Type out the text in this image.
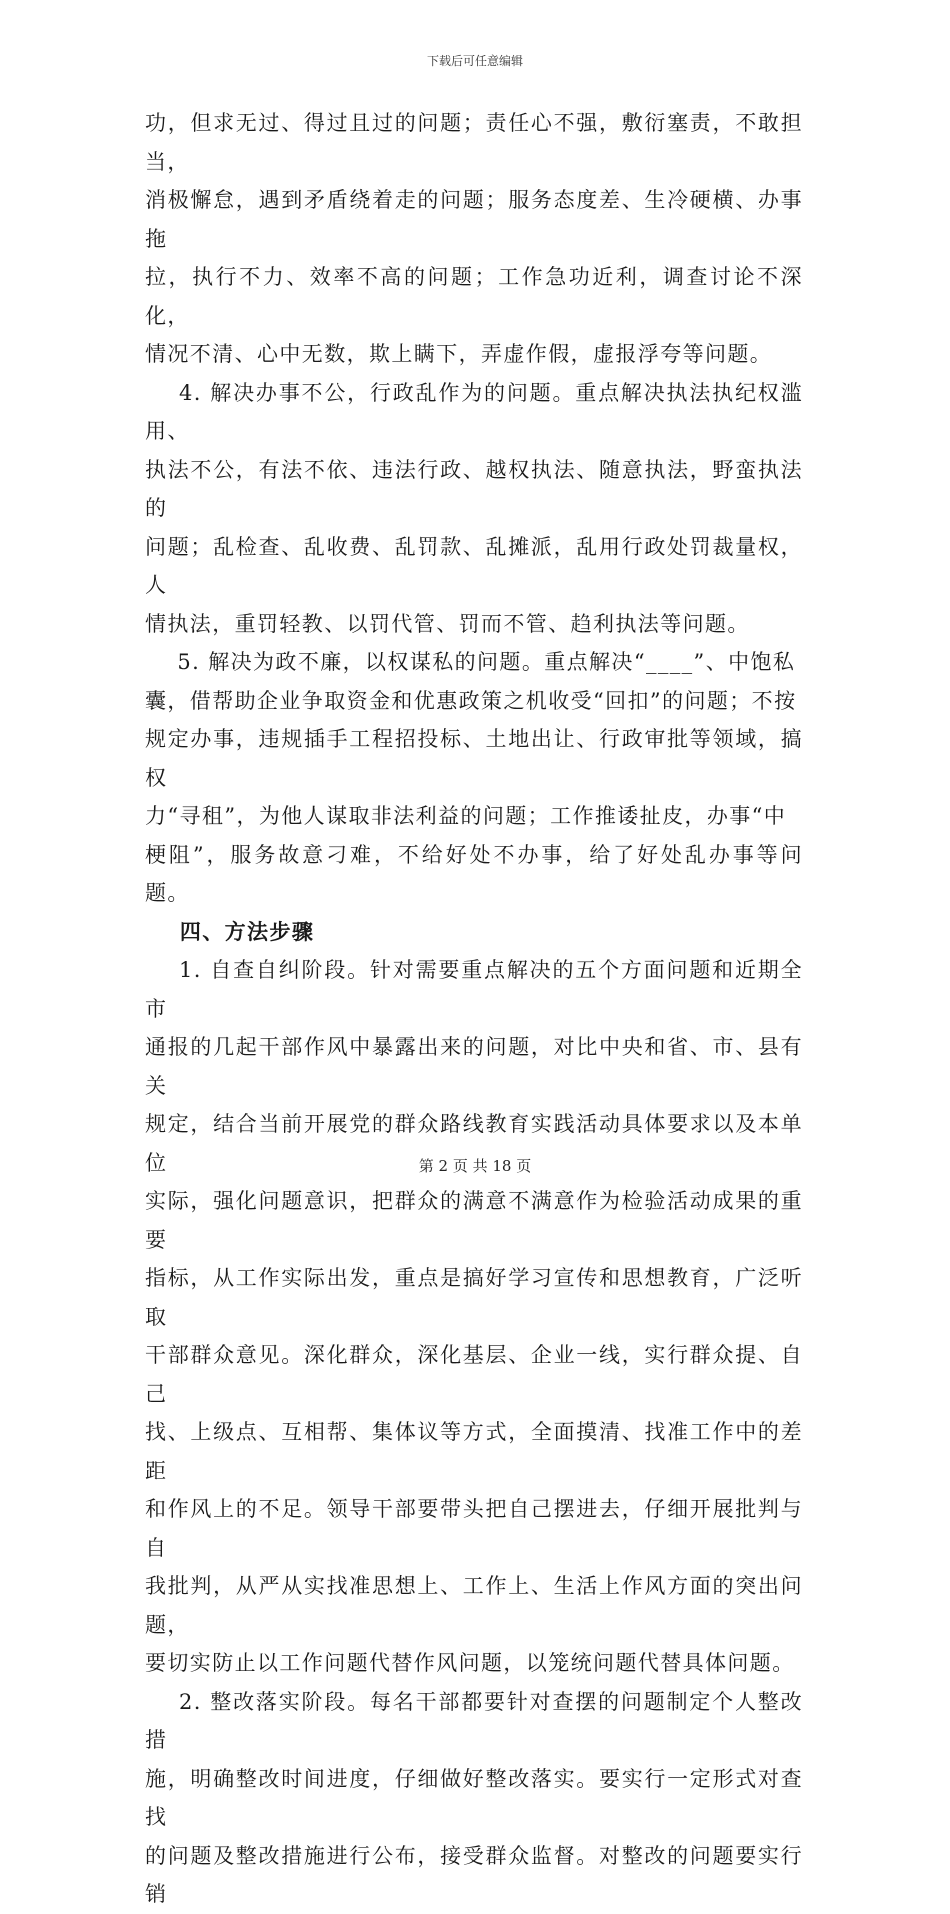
下载后可任意编辑
功，但求无过、得过且过的问题；责任心不强，敷衍塞责，不敢担当，
消极懈怠，遇到矛盾绕着走的问题；服务态度差、生冷硬横、办事拖
拉，执行不力、效率不高的问题；工作急功近利，调查讨论不深化，
情况不清、心中无数，欺上瞒下，弄虚作假，虚报浮夸等问题。
4. 解决办事不公，行政乱作为的问题。重点解决执法执纪权滥用、
执法不公，有法不依、违法行政、越权执法、随意执法，野蛮执法的
问题；乱检查、乱收费、乱罚款、乱摊派，乱用行政处罚裁量权，人
情执法，重罚轻教、以罚代管、罚而不管、趋利执法等问题。
5. 解决为政不廉，以权谋私的问题。重点解决“____”、中饱私
囊，借帮助企业争取资金和优惠政策之机收受“回扣”的问题；不按
规定办事，违规插手工程招投标、土地出让、行政审批等领域，搞权
力“寻租”，为他人谋取非法利益的问题；工作推诿扯皮，办事“中
梗阻”，服务故意刁难，不给好处不办事，给了好处乱办事等问题。
四、方法步骤
1. 自查自纠阶段。针对需要重点解决的五个方面问题和近期全市
通报的几起干部作风中暴露出来的问题，对比中央和省、市、县有关
规定，结合当前开展党的群众路线教育实践活动具体要求以及本单位
实际，强化问题意识，把群众的满意不满意作为检验活动成果的重要
指标，从工作实际出发，重点是搞好学习宣传和思想教育，广泛听取
干部群众意见。深化群众，深化基层、企业一线，实行群众提、自己
找、上级点、互相帮、集体议等方式，全面摸清、找准工作中的差距
和作风上的不足。领导干部要带头把自己摆进去，仔细开展批判与自
我批判，从严从实找准思想上、工作上、生活上作风方面的突出问题，
要切实防止以工作问题代替作风问题，以笼统问题代替具体问题。
2. 整改落实阶段。每名干部都要针对查摆的问题制定个人整改措
施，明确整改时间进度，仔细做好整改落实。要实行一定形式对查找
的问题及整改措施进行公布，接受群众监督。对整改的问题要实行销
第 2 页 共 18 页
